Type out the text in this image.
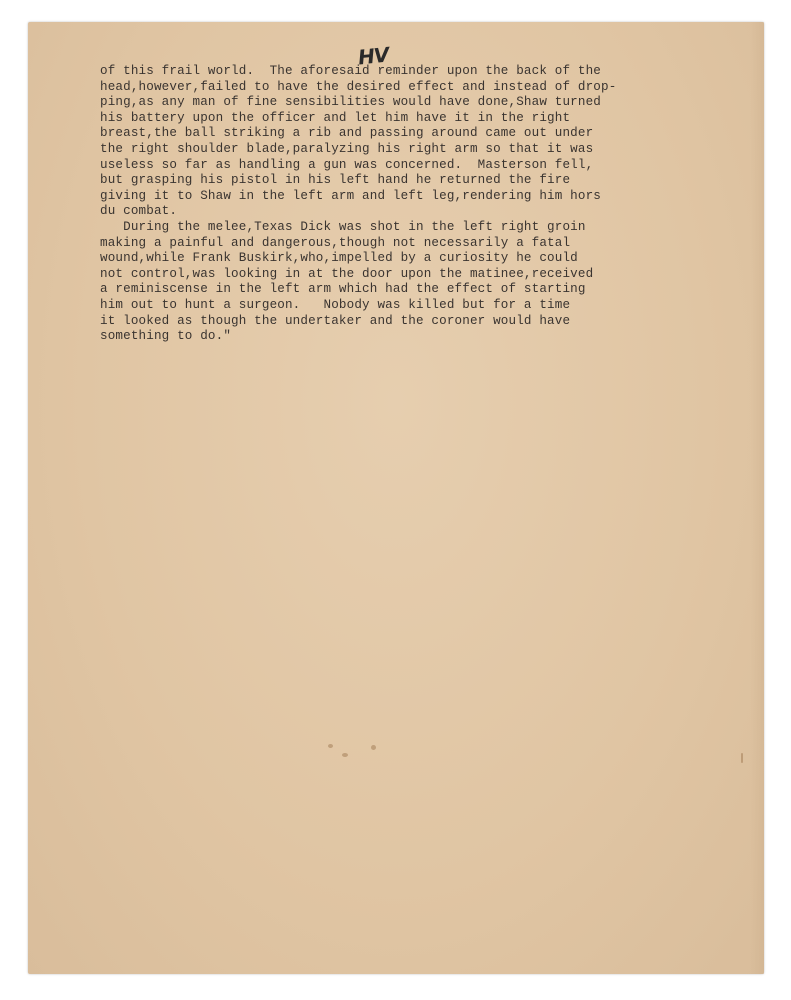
HV
of this frail world.  The aforesaid reminder upon the back of the
head,however,failed to have the desired effect and instead of drop-
ping,as any man of fine sensibilities would have done,Shaw turned
his battery upon the officer and let him have it in the right
breast,the ball striking a rib and passing around came out under
the right shoulder blade,paralyzing his right arm so that it was
useless so far as handling a gun was concerned.  Masterson fell,
but grasping his pistol in his left hand he returned the fire
giving it to Shaw in the left arm and left leg,rendering him hors
du combat.
During the melee,Texas Dick was shot in the left right groin
making a painful and dangerous,though not necessarily a fatal
wound,while Frank Buskirk,who,impelled by a curiosity he could
not control,was looking in at the door upon the matinee,received
a reminiscense in the left arm which had the effect of starting
him out to hunt a surgeon.   Nobody was killed but for a time
it looked as though the undertaker and the coroner would have
something to do."
